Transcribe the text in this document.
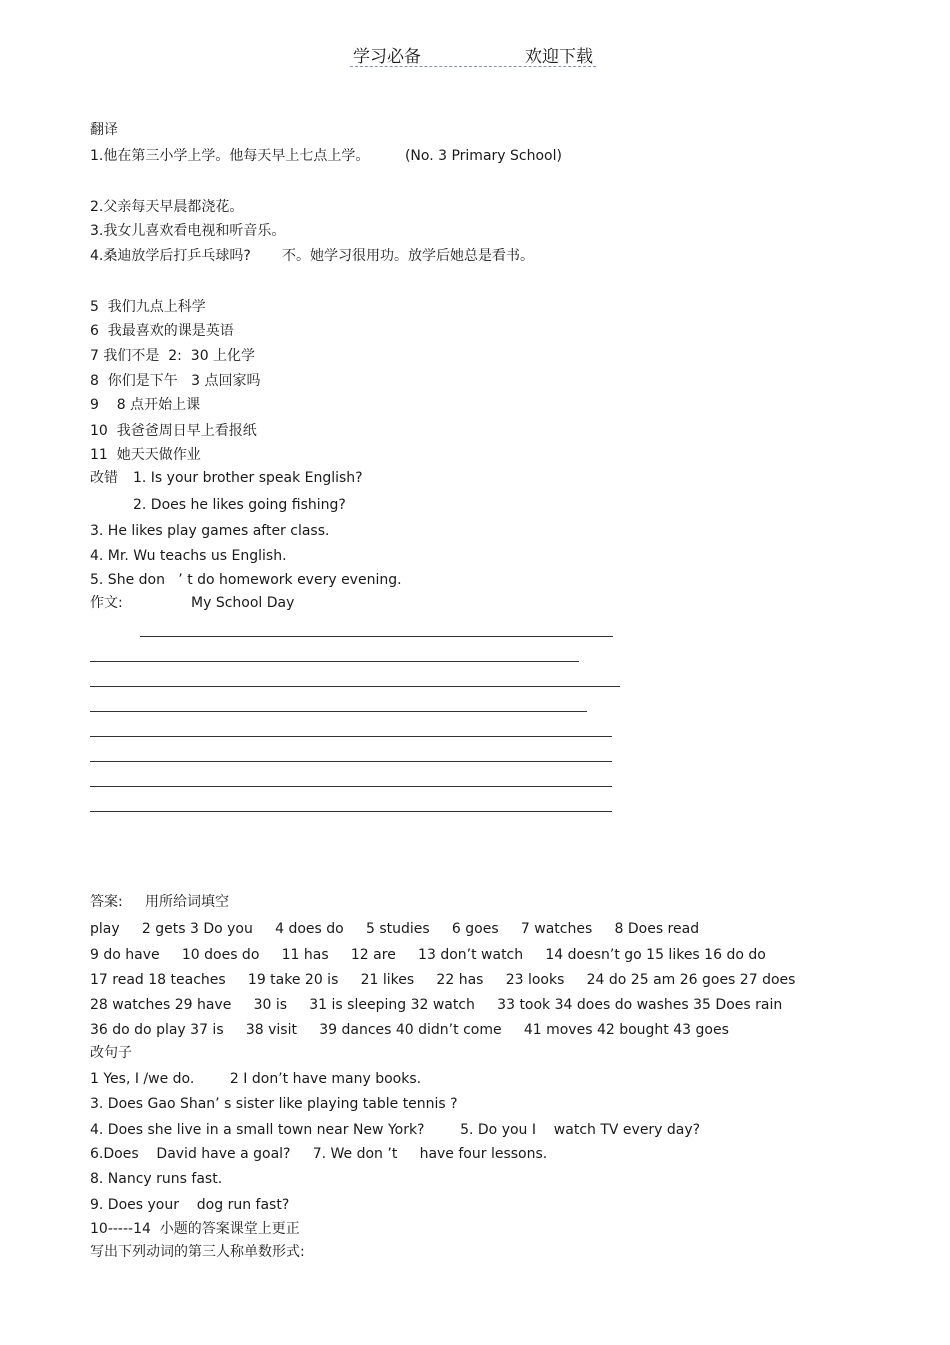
学习必备	欢迎下载
翻译
1.他在第三小学上学。他每天早上七点上学。        (No. 3 Primary School)
2.父亲每天早晨都浇花。
3.我女儿喜欢看电视和听音乐。
4.桑迪放学后打乒乓球吗?       不。她学习很用功。放学后她总是看书。
5  我们九点上科学
6  我最喜欢的课是英语
7 我们不是  2:  30 上化学
8  你们是下午   3 点回家吗
9    8 点开始上课
10  我爸爸周日早上看报纸
11  她天天做作业
改错 1. Is your brother speak English?
2. Does he likes going fishing?
3. He likes play games after class.
4. Mr. Wu teachs us English.
5. She don   ’ t do homework every evening.
作文:	My School Day
答案:     用所给词填空
play     2 gets 3 Do you     4 does do     5 studies     6 goes     7 watches     8 Does read
9 do have     10 does do     11 has     12 are     13 don’t watch     14 doesn’t go 15 likes 16 do do
17 read 18 teaches     19 take 20 is     21 likes     22 has     23 looks     24 do 25 am 26 goes 27 does
28 watches 29 have     30 is     31 is sleeping 32 watch     33 took 34 does do washes 35 Does rain
36 do do play 37 is     38 visit     39 dances 40 didn’t come     41 moves 42 bought 43 goes
改句子
1 Yes, I /we do.        2 I don’t have many books.
3. Does Gao Shan’ s sister like playing table tennis ?
4. Does she live in a small town near New York?        5. Do you I    watch TV every day?
6.Does    David have a goal?     7. We don ’t     have four lessons.
8. Nancy runs fast.
9. Does your    dog run fast?
10-----14  小题的答案课堂上更正
写出下列动词的第三人称单数形式:
